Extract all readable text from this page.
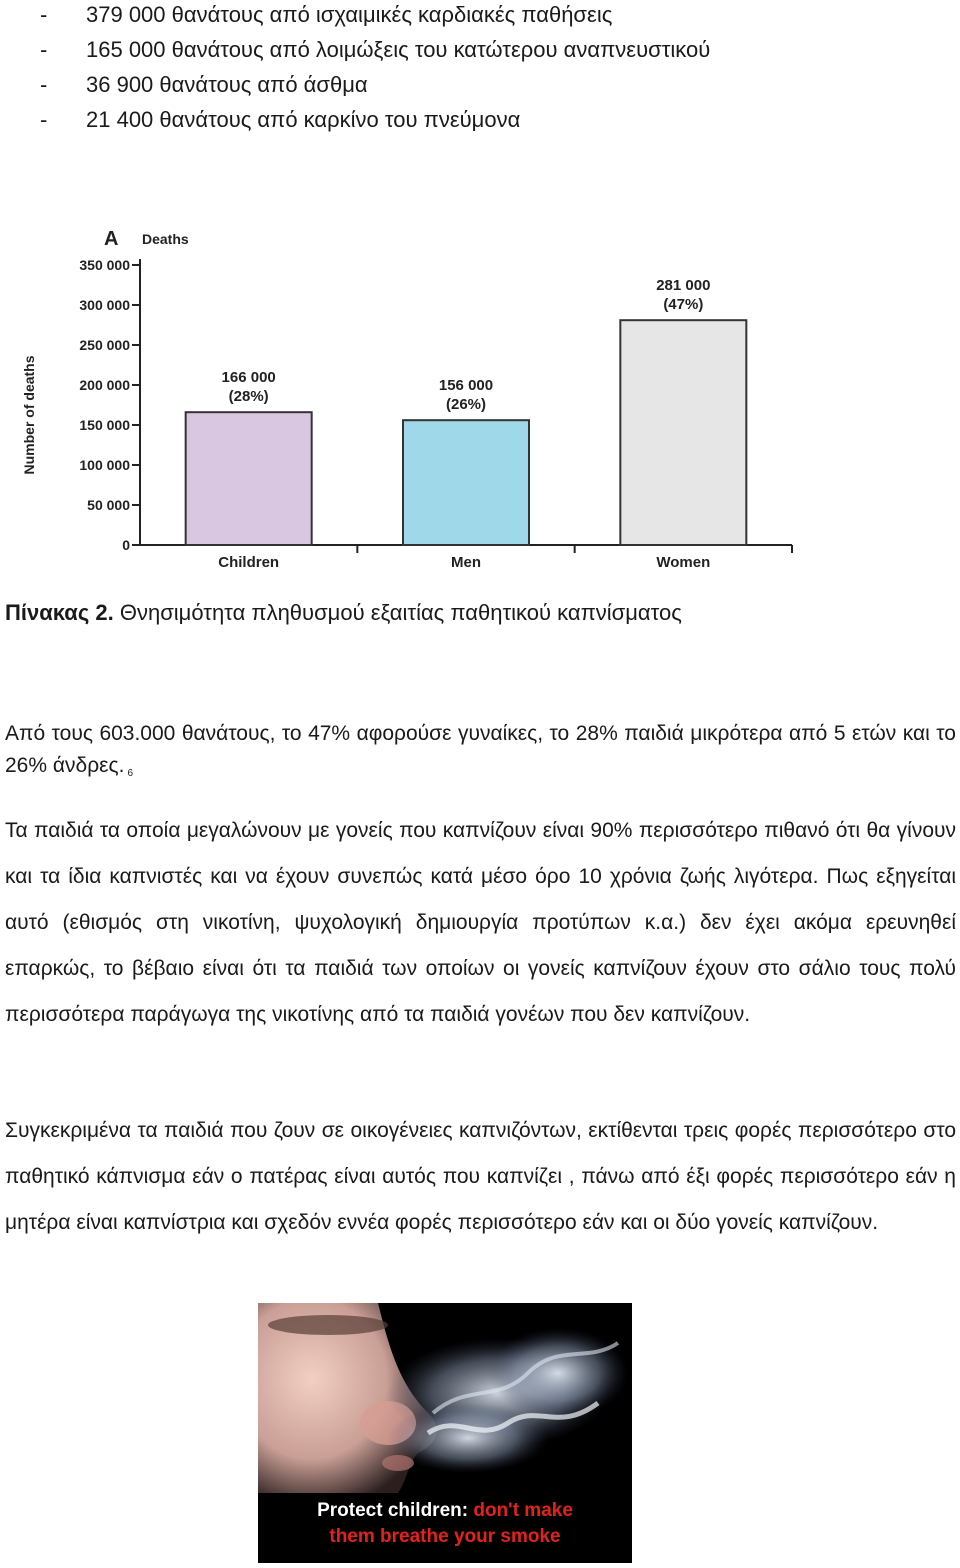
- 379 000 θανάτους από ισχαιμικές καρδιακές παθήσεις
- 165 000 θανάτους από λοιμώξεις του κατώτερου αναπνευστικού
- 36 900 θανάτους από άσθμα
- 21 400 θανάτους από καρκίνο του πνεύμονα
A Deaths
Number of deaths
0
50 000
100 000
150 000
200 000
250 000
300 000
350 000
166 000
(28%)
Children
156 000
(26%)
Men
281 000
(47%)
Women
Πίνακας 2. Θνησιμότητα πληθυσμού εξαιτίας παθητικού καπνίσματος

Από τους 603.000 θανάτους, το 47% αφορούσε γυναίκες, το 28% παιδιά μικρότερα από 5 ετών και το 26% άνδρες. $^6$

Τα παιδιά τα οποία μεγαλώνουν με γονείς που καπνίζουν είναι 90% περισσότερο πιθανό ότι θα γίνουν και τα ίδια καπνιστές και να έχουν συνεπώς κατά μέσο όρο 10 χρόνια ζωής λιγότερα. Πως εξηγείται αυτό (εθισμός στη νικοτίνη, ψυχολογική δημιουργία προτύπων κ.α.) δεν έχει ακόμα ερευνηθεί επαρκώς, το βέβαιο είναι ότι τα παιδιά των οποίων οι γονείς καπνίζουν έχουν στο σάλιο τους πολύ περισσότερα παράγωγα της νικοτίνης από τα παιδιά γονέων που δεν καπνίζουν.

Συγκεκριμένα τα παιδιά που ζουν σε οικογένειες καπνιζόντων, εκτίθενται τρεις φορές περισσότερο στο παθητικό κάπνισμα εάν ο πατέρας είναι αυτός που καπνίζει , πάνω από έξι φορές περισσότερο εάν η μητέρα είναι καπνίστρια και σχεδόν εννέα φορές περισσότερο εάν και οι δύο γονείς καπνίζουν.

Protect children: don't make
them breathe your smoke
